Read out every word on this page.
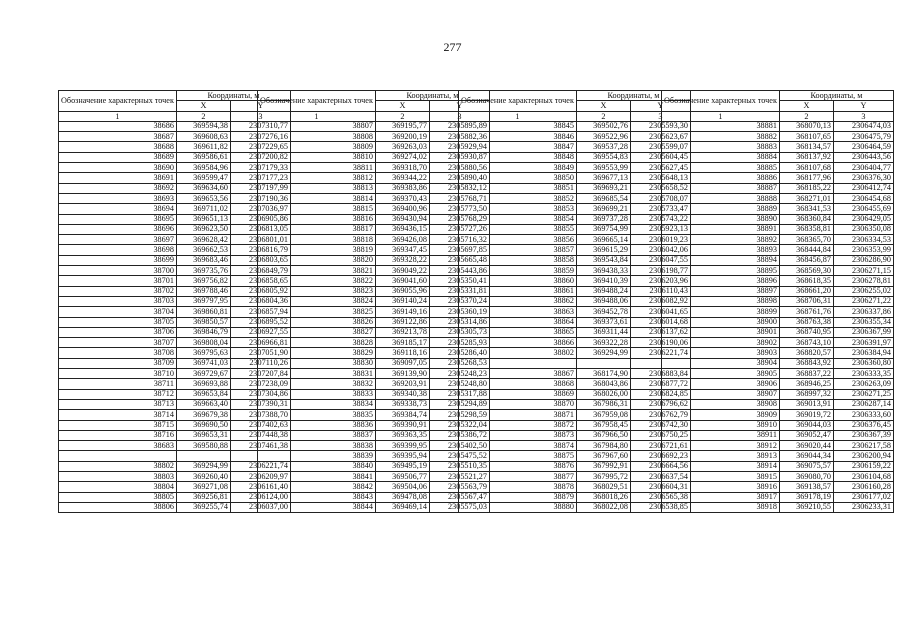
277
Обозначение характерных точек	Координаты, м	
	X	Y
1	2	3
38686	369594,38	2307310,77
38687	369608,63	2307276,16
38688	369611,82	2307229,65
38689	369586,61	2307200,82
38690	369584,96	2307179,33
38691	369599,47	2307177,23
38692	369634,60	2307197,99
38693	369653,56	2307190,36
38694	369711,02	2307036,97
38695	369651,13	2306905,86
38696	369623,50	2306813,05
38697	369628,42	2306801,01
38698	369662,53	2306816,79
38699	369683,46	2306803,65
38700	369735,76	2306849,79
38701	369756,82	2306858,65
38702	369788,46	2306805,92
38703	369797,95	2306804,36
38704	369860,81	2306857,94
38705	369850,57	2306895,52
38706	369846,79	2306927,55
38707	369808,04	2306966,81
38708	369795,63	2307051,90
38709	369741,03	2307110,26
38710	369729,67	2307207,84
38711	369693,88	2307238,09
38712	369653,84	2307304,86
38713	369663,40	2307390,31
38714	369679,38	2307388,70
38715	369690,50	2307402,63
38716	369653,31	2307448,38
38683	369580,88	2307461,38

38802	369294,99	2306221,74
38803	369260,40	2306209,97
38804	369271,08	2306161,40
38805	369256,81	2306124,00
38806	369255,74	2306037,00
Обозначение характерных точек	Координаты, м	
	X	Y
1	2	3
38807	369195,77	2305895,89
38808	369200,19	2305882,36
38809	369263,03	2305929,94
38810	369274,02	2305930,87
38811	369318,70	2305880,56
38812	369344,22	2305890,40
38813	369383,86	2305832,12
38814	369370,43	2305768,71
38815	369400,96	2305773,50
38816	369430,94	2305768,29
38817	369436,15	2305727,26
38818	369426,08	2305716,32
38819	369347,45	2305697,85
38820	369328,22	2305665,48
38821	369049,22	2305443,86
38822	369041,60	2305350,41
38823	369055,96	2305331,81
38824	369140,24	2305370,24
38825	369149,16	2305360,19
38826	369122,86	2305314,86
38827	369213,78	2305305,73
38828	369185,17	2305285,93
38829	369118,16	2305286,40
38830	369097,05	2305268,53
38831	369139,90	2305248,23
38832	369203,91	2305248,80
38833	369340,38	2305317,88
38834	369338,73	2305294,89
38835	369384,74	2305298,59
38836	369390,91	2305322,04
38837	369363,35	2305386,72
38838	369399,95	2305402,50
38839	369395,94	2305475,52
38840	369495,19	2305510,35
38841	369506,77	2305521,27
38842	369504,06	2305563,79
38843	369478,08	2305567,47
38844	369469,14	2305575,03
Обозначение характерных точек	Координаты, м	
	X	Y
1	2	3
38845	369502,76	2305593,30
38846	369522,96	2305623,67
38847	369537,28	2305599,07
38848	369554,83	2305604,45
38849	369553,99	2305627,45
38850	369677,13	2305648,13
38851	369693,21	2305658,52
38852	369685,54	2305708,07
38853	369699,21	2305733,47
38854	369737,28	2305743,22
38855	369754,99	2305923,13
38856	369665,14	2306019,23
38857	369615,29	2306042,06
38858	369543,84	2306047,55
38859	369438,33	2306198,77
38860	369410,39	2306203,96
38861	369488,24	2306110,43
38862	369488,06	2306082,92
38863	369452,78	2306041,65
38864	369373,61	2306014,68
38865	369311,44	2306137,62
38866	369322,28	2306190,06
38802	369294,99	2306221,74

38867	368174,90	2306883,84
38868	368043,86	2306877,72
38869	368026,00	2306824,85
38870	367986,31	2306796,62
38871	367959,08	2306762,79
38872	367958,45	2306742,30
38873	367966,50	2306750,25
38874	367984,80	2306721,61
38875	367967,60	2306692,23
38876	367992,91	2306664,56
38877	367995,72	2306637,54
38878	368029,51	2306604,31
38879	368018,26	2306565,38
38880	368022,08	2306538,85
Обозначение характерных точек	Координаты, м	
	X	Y
1	2	3
38881	368070,13	2306474,03
38882	368107,65	2306475,79
38883	368134,57	2306464,59
38884	368137,92	2306443,56
38885	368107,68	2306404,77
38886	368177,96	2306376,30
38887	368185,22	2306412,74
38888	368271,01	2306454,68
38889	368341,53	2306455,69
38890	368360,84	2306429,05
38891	368358,81	2306350,08
38892	368365,70	2306334,53
38893	368444,84	2306353,99
38894	368456,87	2306286,90
38895	368569,30	2306271,15
38896	368618,35	2306278,81
38897	368661,20	2306255,02
38898	368706,31	2306271,22
38899	368761,76	2306337,86
38900	368763,38	2306355,34
38901	368740,95	2306367,99
38902	368743,10	2306391,97
38903	368820,57	2306384,94
38904	368843,92	2306360,80
38905	368837,22	2306333,35
38906	368946,25	2306263,09
38907	368997,32	2306271,25
38908	369013,91	2306287,14
38909	369019,72	2306333,60
38910	369044,03	2306376,45
38911	369052,47	2306367,39
38912	369020,44	2306217,58
38913	369044,34	2306200,94
38914	369075,57	2306159,22
38915	369080,70	2306104,68
38916	369138,57	2306160,28
38917	369178,19	2306177,02
38918	369210,55	2306233,31
